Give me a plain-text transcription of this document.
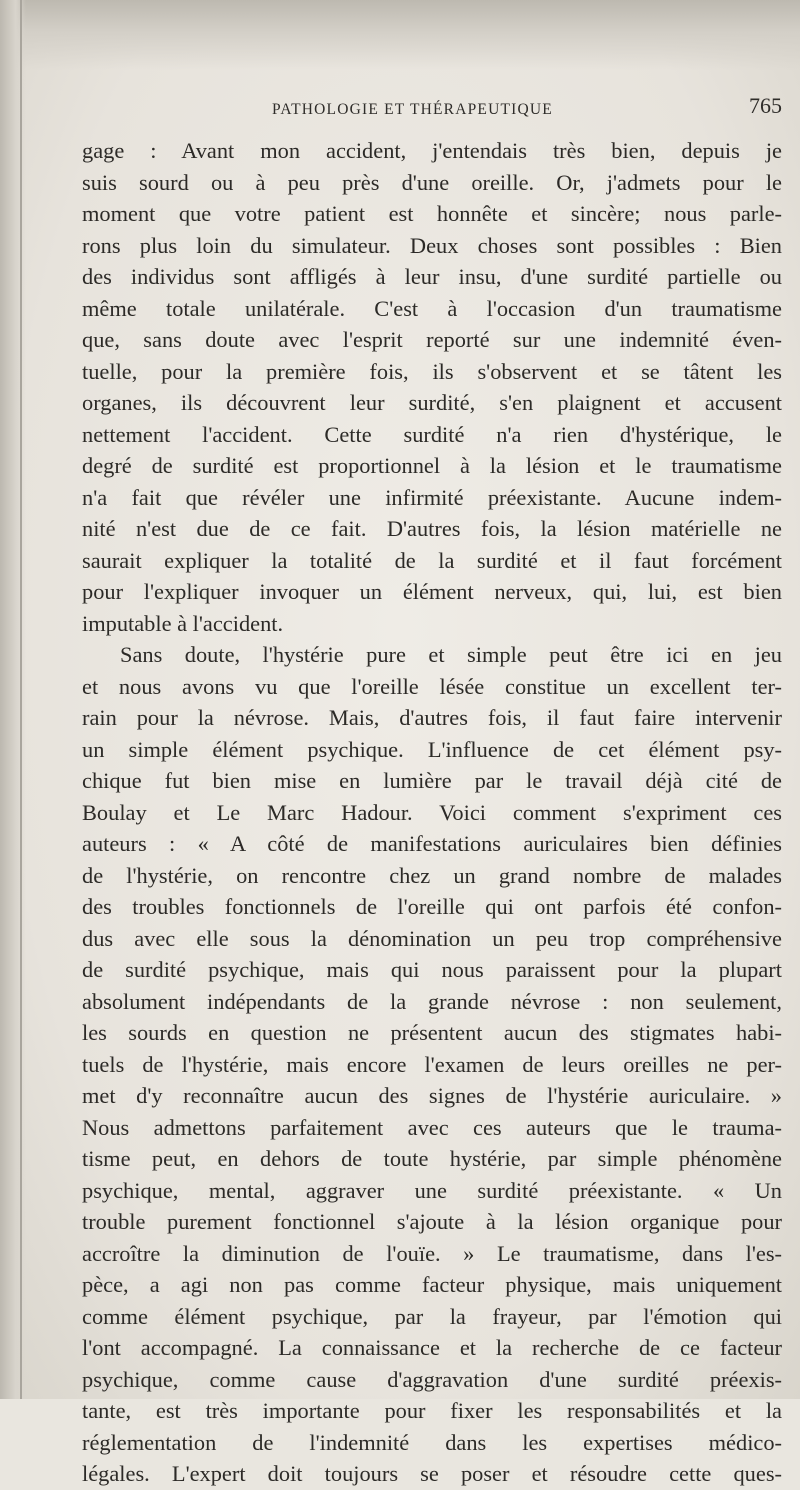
PATHOLOGIE ET THÉRAPEUTIQUE	765
gage : Avant mon accident, j'entendais très bien, depuis je
suis sourd ou à peu près d'une oreille. Or, j'admets pour le
moment que votre patient est honnête et sincère; nous parle-
rons plus loin du simulateur. Deux choses sont possibles : Bien
des individus sont affligés à leur insu, d'une surdité partielle ou
même totale unilatérale. C'est à l'occasion d'un traumatisme
que, sans doute avec l'esprit reporté sur une indemnité éven-
tuelle, pour la première fois, ils s'observent et se tâtent les
organes, ils découvrent leur surdité, s'en plaignent et accusent
nettement l'accident. Cette surdité n'a rien d'hystérique, le
degré de surdité est proportionnel à la lésion et le traumatisme
n'a fait que révéler une infirmité préexistante. Aucune indem-
nité n'est due de ce fait. D'autres fois, la lésion matérielle ne
saurait expliquer la totalité de la surdité et il faut forcément
pour l'expliquer invoquer un élément nerveux, qui, lui, est bien
imputable à l'accident.
Sans doute, l'hystérie pure et simple peut être ici en jeu
et nous avons vu que l'oreille lésée constitue un excellent ter-
rain pour la névrose. Mais, d'autres fois, il faut faire intervenir
un simple élément psychique. L'influence de cet élément psy-
chique fut bien mise en lumière par le travail déjà cité de
Boulay et Le Marc Hadour. Voici comment s'expriment ces
auteurs : « A côté de manifestations auriculaires bien définies
de l'hystérie, on rencontre chez un grand nombre de malades
des troubles fonctionnels de l'oreille qui ont parfois été confon-
dus avec elle sous la dénomination un peu trop compréhensive
de surdité psychique, mais qui nous paraissent pour la plupart
absolument indépendants de la grande névrose : non seulement,
les sourds en question ne présentent aucun des stigmates habi-
tuels de l'hystérie, mais encore l'examen de leurs oreilles ne per-
met d'y reconnaître aucun des signes de l'hystérie auriculaire. »
Nous admettons parfaitement avec ces auteurs que le trauma-
tisme peut, en dehors de toute hystérie, par simple phénomène
psychique, mental, aggraver une surdité préexistante. « Un
trouble purement fonctionnel s'ajoute à la lésion organique pour
accroître la diminution de l'ouïe. » Le traumatisme, dans l'es-
pèce, a agi non pas comme facteur physique, mais uniquement
comme élément psychique, par la frayeur, par l'émotion qui
l'ont accompagné. La connaissance et la recherche de ce facteur
psychique, comme cause d'aggravation d'une surdité préexis-
tante, est très importante pour fixer les responsabilités et la
réglementation de l'indemnité dans les expertises médico-
légales. L'expert doit toujours se poser et résoudre cette ques-
